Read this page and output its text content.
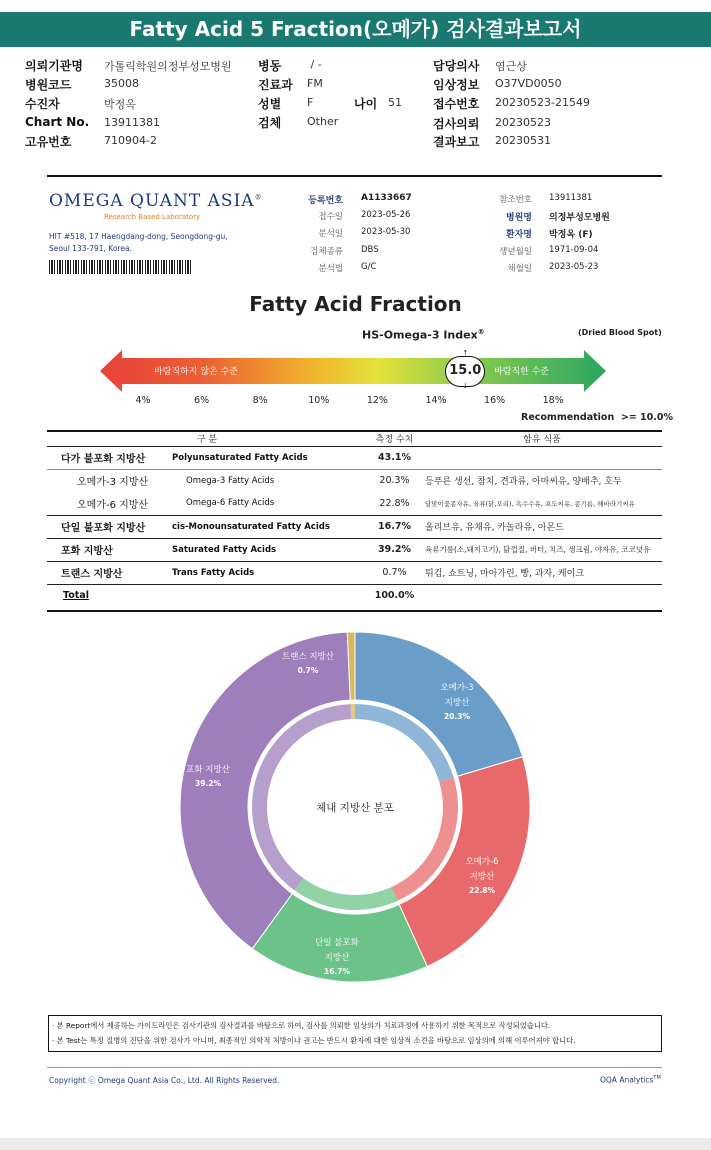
Fatty Acid 5 Fraction(오메가) 검사결과보고서
의뢰기관명 가톨릭학원의정부성모병원
병원코드	35008
수진자	박정옥
Chart No. 13911381
고유번호	710904-2
병동 / -
진료과 FM
성별 F
검체 Other
나이 51
담당의사 염근상
임상정보 O37VD0050
접수번호 20230523-21549
검사의뢰 20230523
결과보고 20230531
OMEGA QUANT ASIA®
Research Based Laboratory
HIT #518, 17 Haengdang-dong, Seongdong-gu,
Seoul 133-791, Korea.
등록번호 A1133667
접수일 2023-05-26
분석일 2023-05-30
검체종류 DBS
분석법 G/C
참조번호 13911381
병원명 의정부성모병원
환자명 박정옥 (F)
생년월일 1971-09-04
채혈일 2023-05-23
Fatty Acid Fraction
HS-Omega-3 Index®	(Dried Blood Spot)
바람직하지 않은 수준	바람직한 수준
15.0
↑
↓
4%	6%	8%	10%	12%	14%	16%	18%
Recommendation  >= 10.0%
구 분		측정 수치	함유 식품
다가 불포화 지방산	Polyunsaturated Fatty Acids	43.1%	
오메가-3 지방산	Omega-3 Fatty Acids	20.3%	등푸른 생선, 참치, 견과류, 아마씨유, 양배추, 호두
오메가-6 지방산	Omega-6 Fatty Acids	22.8%	달맞이꽃종자유, 육류(닭,오리), 옥수수유, 포도씨유, 콩기름, 해바라기씨유
단일 불포화 지방산	cis-Monounsaturated Fatty Acids	16.7%	올리브유, 유채유, 카놀라유, 아몬드
포화 지방산	Saturated Fatty Acids	39.2%	육류기름(소,돼지고기), 닭껍질, 버터, 치즈, 생크림, 야자유, 코코넛유
트랜스 지방산	Trans Fatty Acids	0.7%	튀김, 쇼트닝, 마아가린, 빵, 과자, 케이크
Total		100.0%	
오메가-3 지방산 20.3%
오메가-6 지방산 22.8%
단일 불포화 지방산 16.7%
포화 지방산 39.2%
트랜스 지방산 0.7%
체내 지방산 분포
· 본 Report에서 제공하는 가이드라인은 검사기관의 검사결과를 바탕으로 하여, 검사를 의뢰한 임상의가 치료과정에 사용하기 위한 목적으로 작성되었습니다.
· 본 Test는 특정 질병의 진단을 위한 검사가 아니며, 최종적인 의학적 처방이나 권고는 반드시 환자에 대한 임상적 소견을 바탕으로 임상의에 의해 이루어져야 합니다.
Copyright ⓒ Omega Quant Asia Co., Ltd. All Rights Reserved.	OQA Analytics™
